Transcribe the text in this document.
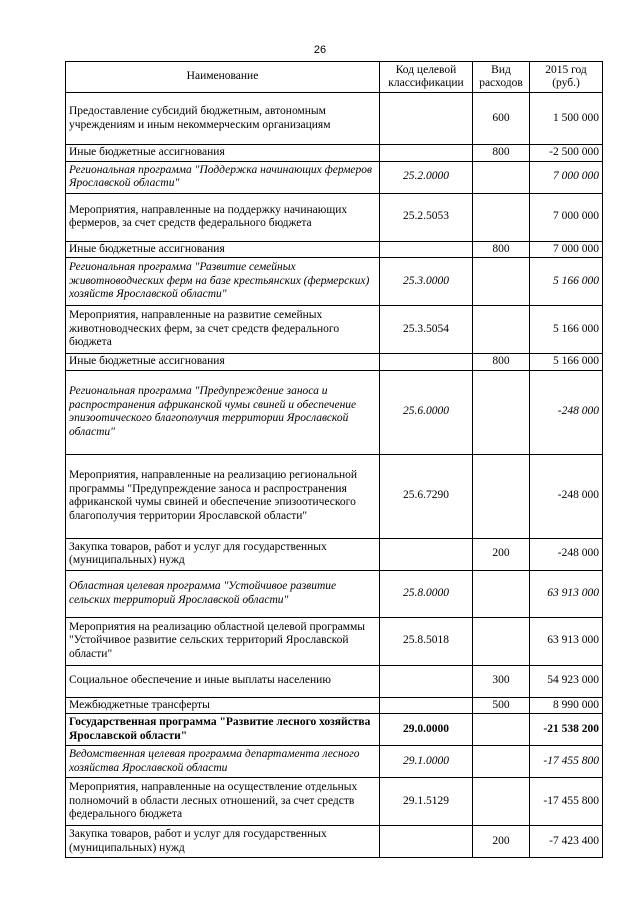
26
Наименование	Код целевой классификации	Вид расходов	2015 год (руб.)
Предоставление субсидий бюджетным, автономным учреждениям и иным некоммерческим организациям		600	1 500 000
Иные бюджетные ассигнования		800	-2 500 000
Региональная программа "Поддержка начинающих фермеров Ярославской области"	25.2.0000		7 000 000
Мероприятия, направленные на поддержку начинающих фермеров, за счет средств федерального бюджета	25.2.5053		7 000 000
Иные бюджетные ассигнования		800	7 000 000
Региональная программа "Развитие семейных животноводческих ферм на базе крестьянских (фермерских) хозяйств Ярославской области"	25.3.0000		5 166 000
Мероприятия, направленные на развитие семейных животноводческих ферм, за счет средств федерального бюджета	25.3.5054		5 166 000
Иные бюджетные ассигнования		800	5 166 000
Региональная программа "Предупреждение заноса и распространения африканской чумы свиней и обеспечение эпизоотического благополучия территории Ярославской области"	25.6.0000		-248 000
Мероприятия, направленные на реализацию региональной программы "Предупреждение заноса и распространения африканской чумы свиней и обеспечение эпизоотического благополучия территории Ярославской области"	25.6.7290		-248 000
Закупка товаров, работ и услуг для государственных (муниципальных) нужд		200	-248 000
Областная целевая программа "Устойчивое развитие сельских территорий Ярославской области"	25.8.0000		63 913 000
Мероприятия на реализацию областной целевой программы "Устойчивое развитие сельских территорий Ярославской области"	25.8.5018		63 913 000
Социальное обеспечение и иные выплаты населению		300	54 923 000
Межбюджетные трансферты		500	8 990 000
Государственная программа "Развитие лесного хозяйства Ярославской области"	29.0.0000		-21 538 200
Ведомственная целевая программа департамента лесного хозяйства Ярославской области	29.1.0000		-17 455 800
Мероприятия, направленные на осуществление отдельных полномочий в области лесных отношений, за счет средств федерального бюджета	29.1.5129		-17 455 800
Закупка товаров, работ и услуг для государственных (муниципальных) нужд		200	-7 423 400
